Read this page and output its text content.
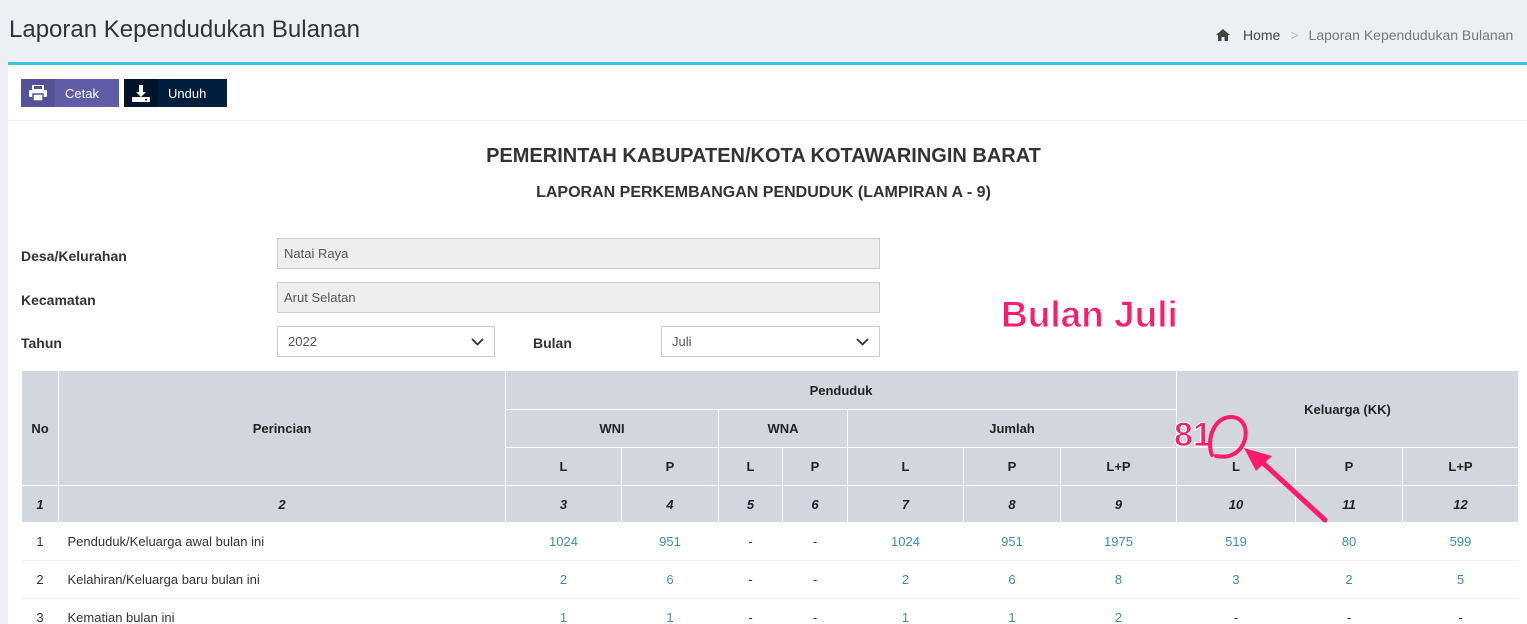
Laporan Kependudukan Bulanan	Home > Laporan Kependudukan Bulanan
Cetak	Unduh
PEMERINTAH KABUPATEN/KOTA KOTAWARINGIN BARAT
LAPORAN PERKEMBANGAN PENDUDUK (LAMPIRAN A - 9)
Desa/Kelurahan	Natai Raya
Kecamatan	Arut Selatan
Tahun	2022	Bulan	Juli
Bulan Juli
No	Perincian	Penduduk							Keluarga (KK)		
		WNI		WNA		Jumlah					
		L	P	L	P	L	P	L+P	L	P	L+P
1	2	3	4	5	6	7	8	9	10	11	12
1	Penduduk/Keluarga awal bulan ini	1024	951	-	-	1024	951	1975	519	80	599
2	Kelahiran/Keluarga baru bulan ini	2	6	-	-	2	6	8	3	2	5
3	Kematian bulan ini	1	1	-	-	1	1	2	-	-	-
81
